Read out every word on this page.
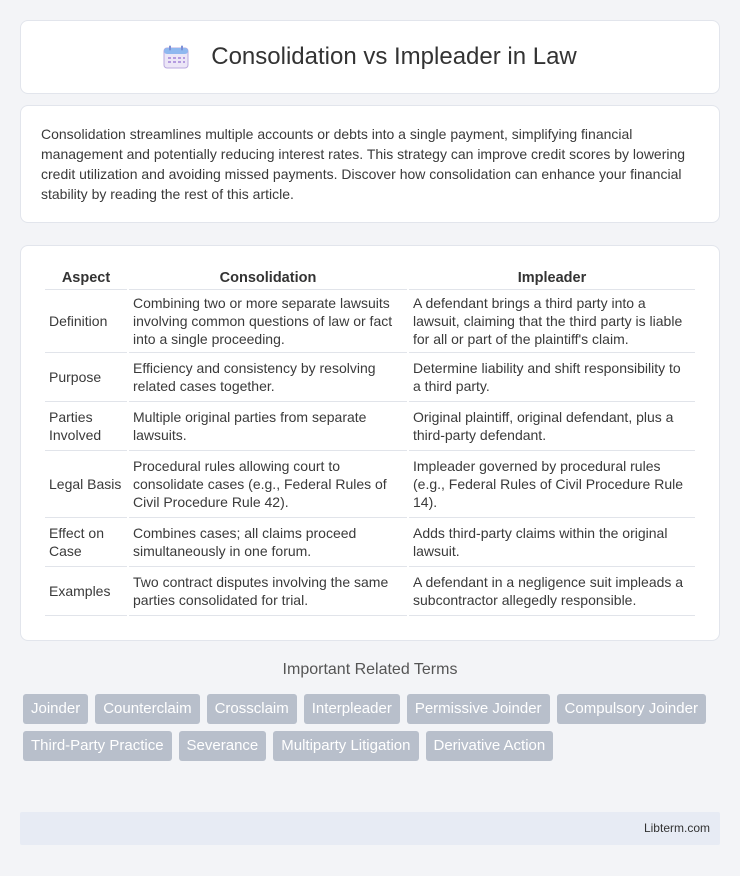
Consolidation vs Impleader in Law

Consolidation streamlines multiple accounts or debts into a single payment, simplifying financial management and potentially reducing interest rates. This strategy can improve credit scores by lowering credit utilization and avoiding missed payments. Discover how consolidation can enhance your financial stability by reading the rest of this article.

Aspect	Consolidation	Impleader
Definition	Combining two or more separate lawsuits involving common questions of law or fact into a single proceeding.	A defendant brings a third party into a lawsuit, claiming that the third party is liable for all or part of the plaintiff's claim.
Purpose	Efficiency and consistency by resolving related cases together.	Determine liability and shift responsibility to a third party.
Parties Involved	Multiple original parties from separate lawsuits.	Original plaintiff, original defendant, plus a third-party defendant.
Legal Basis	Procedural rules allowing court to consolidate cases (e.g., Federal Rules of Civil Procedure Rule 42).	Impleader governed by procedural rules (e.g., Federal Rules of Civil Procedure Rule 14).
Effect on Case	Combines cases; all claims proceed simultaneously in one forum.	Adds third-party claims within the original lawsuit.
Examples	Two contract disputes involving the same parties consolidated for trial.	A defendant in a negligence suit impleads a subcontractor allegedly responsible.
Important Related Terms
Joinder	Counterclaim	Crossclaim	Interpleader	Permissive Joinder	Compulsory Joinder
Third-Party Practice	Severance	Multiparty Litigation	Derivative Action
Libterm.com
